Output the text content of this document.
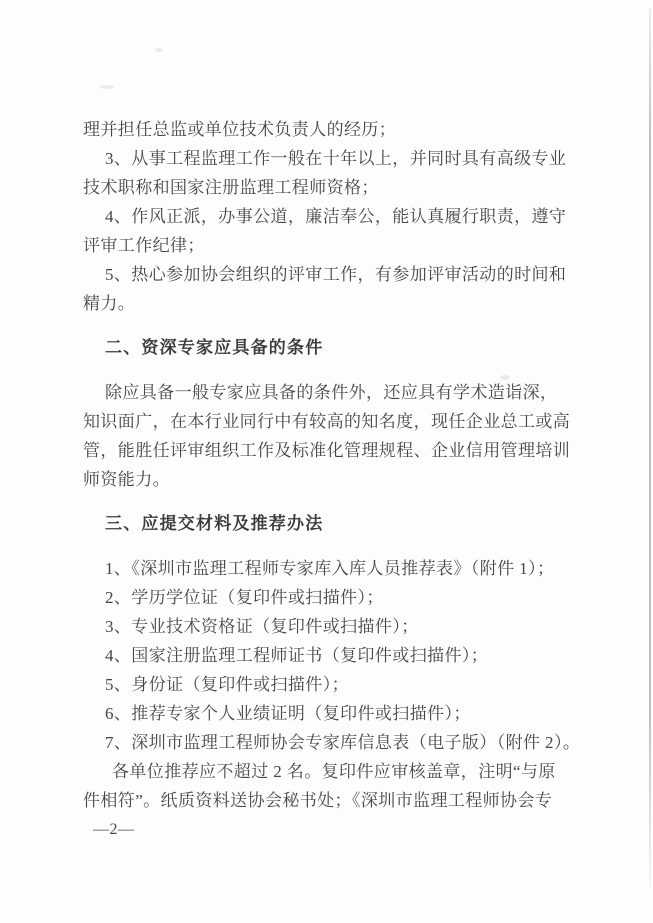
理并担任总监或单位技术负责人的经历；
3、从事工程监理工作一般在十年以上，并同时具有高级专业
技术职称和国家注册监理工程师资格；
4、作风正派，办事公道，廉洁奉公，能认真履行职责，遵守
评审工作纪律；
5、热心参加协会组织的评审工作，有参加评审活动的时间和
精力。
二、资深专家应具备的条件
除应具备一般专家应具备的条件外，还应具有学术造诣深，
知识面广，在本行业同行中有较高的知名度，现任企业总工或高
管，能胜任评审组织工作及标准化管理规程、企业信用管理培训
师资能力。
三、应提交材料及推荐办法
1、《深圳市监理工程师专家库入库人员推荐表》（附件 1）；
2、学历学位证（复印件或扫描件）；
3、专业技术资格证（复印件或扫描件）；
4、国家注册监理工程师证书（复印件或扫描件）；
5、身份证（复印件或扫描件）；
6、推荐专家个人业绩证明（复印件或扫描件）；
7、深圳市监理工程师协会专家库信息表（电子版）（附件 2）。
各单位推荐应不超过 2 名。复印件应审核盖章，注明“与原
件相符”。纸质资料送协会秘书处；《深圳市监理工程师协会专
—2—
